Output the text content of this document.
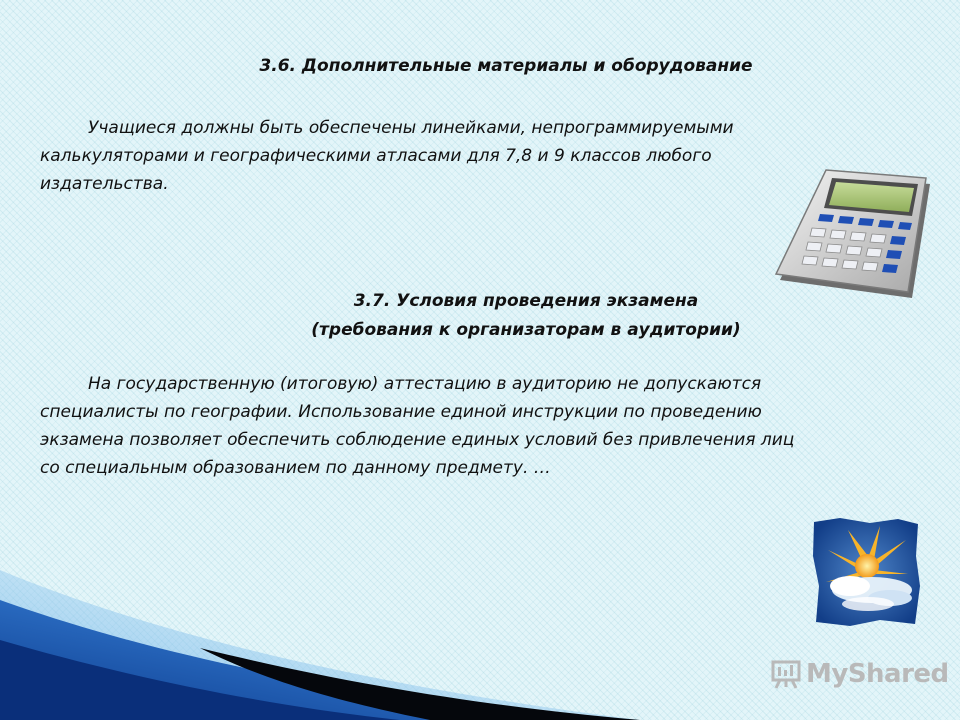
3.6. Дополнительные материалы и оборудование

Учащиеся должны быть обеспечены линейками, непрограммируемыми
калькуляторами и географическими атласами для 7,8 и 9 классов любого
издательства.

3.7. Условия проведения экзамена
(требования к организаторам в аудитории)

На государственную (итоговую) аттестацию в аудиторию не допускаются
специалисты по географии. Использование единой инструкции по проведению
экзамена позволяет обеспечить соблюдение единых условий без привлечения лиц
со специальным образованием по данному предмету. …

MyShared
